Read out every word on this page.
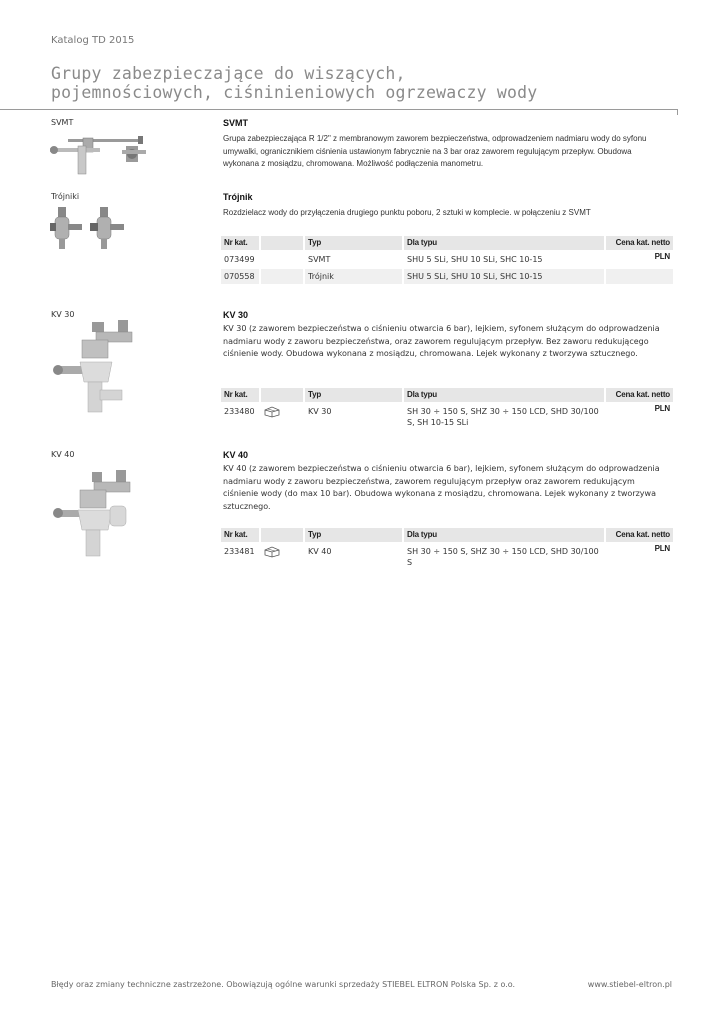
Katalog TD 2015
Grupy zabezpieczające do wiszących,
pojemnościowych, ciśninieniowych ogrzewaczy wody
SVMT	SVMT
Grupa zabezpieczająca R 1/2" z membranowym zaworem bezpieczeństwa, odprowadzeniem nadmiaru wody do syfonu umywalki, ogranicznikiem ciśnienia ustawionym fabrycznie na 3 bar oraz zaworem regulującym przepływ. Obudowa wykonana z mosiądzu, chromowana. Możliwość podłączenia manometru.
Trójniki	Trójnik
Rozdzielacz wody do przyłączenia drugiego punktu poboru, 2 sztuki w komplecie. w połączeniu z SVMT
Nr kat.	Typ	Dla typu	Cena kat. netto PLN
073499	SVMT	SHU 5 SLi, SHU 10 SLi, SHC 10-15
070558	Trójnik	SHU 5 SLi, SHU 10 SLi, SHC 10-15
KV 30	KV 30
KV 30 (z zaworem bezpieczeństwa o ciśnieniu otwarcia 6 bar), lejkiem, syfonem służącym do odprowadzenia nadmiaru wody z zaworu bezpieczeństwa, oraz zaworem regulującym przepływ. Bez zaworu redukującego ciśnienie wody. Obudowa wykonana z mosiądzu, chromowana. Lejek wykonany z tworzywa sztucznego.
Nr kat.	Typ	Dla typu	Cena kat. netto PLN
233480	KV 30	SH 30 ÷ 150 S, SHZ 30 ÷ 150 LCD, SHD 30/100 S, SH 10-15 SLi
KV 40	KV 40
KV 40 (z zaworem bezpieczeństwa o ciśnieniu otwarcia 6 bar), lejkiem, syfonem służącym do odprowadzenia nadmiaru wody z zaworu bezpieczeństwa, zaworem regulującym przepływ oraz zaworem redukującym ciśnienie wody (do max 10 bar). Obudowa wykonana z mosiądzu, chromowana. Lejek wykonany z tworzywa sztucznego.
Nr kat.	Typ	Dla typu	Cena kat. netto PLN
233481	KV 40	SH 30 ÷ 150 S, SHZ 30 ÷ 150 LCD, SHD 30/100 S
Błędy oraz zmiany techniczne zastrzeżone. Obowiązują ogólne warunki sprzedaży STIEBEL ELTRON Polska Sp. z o.o.	www.stiebel-eltron.pl
